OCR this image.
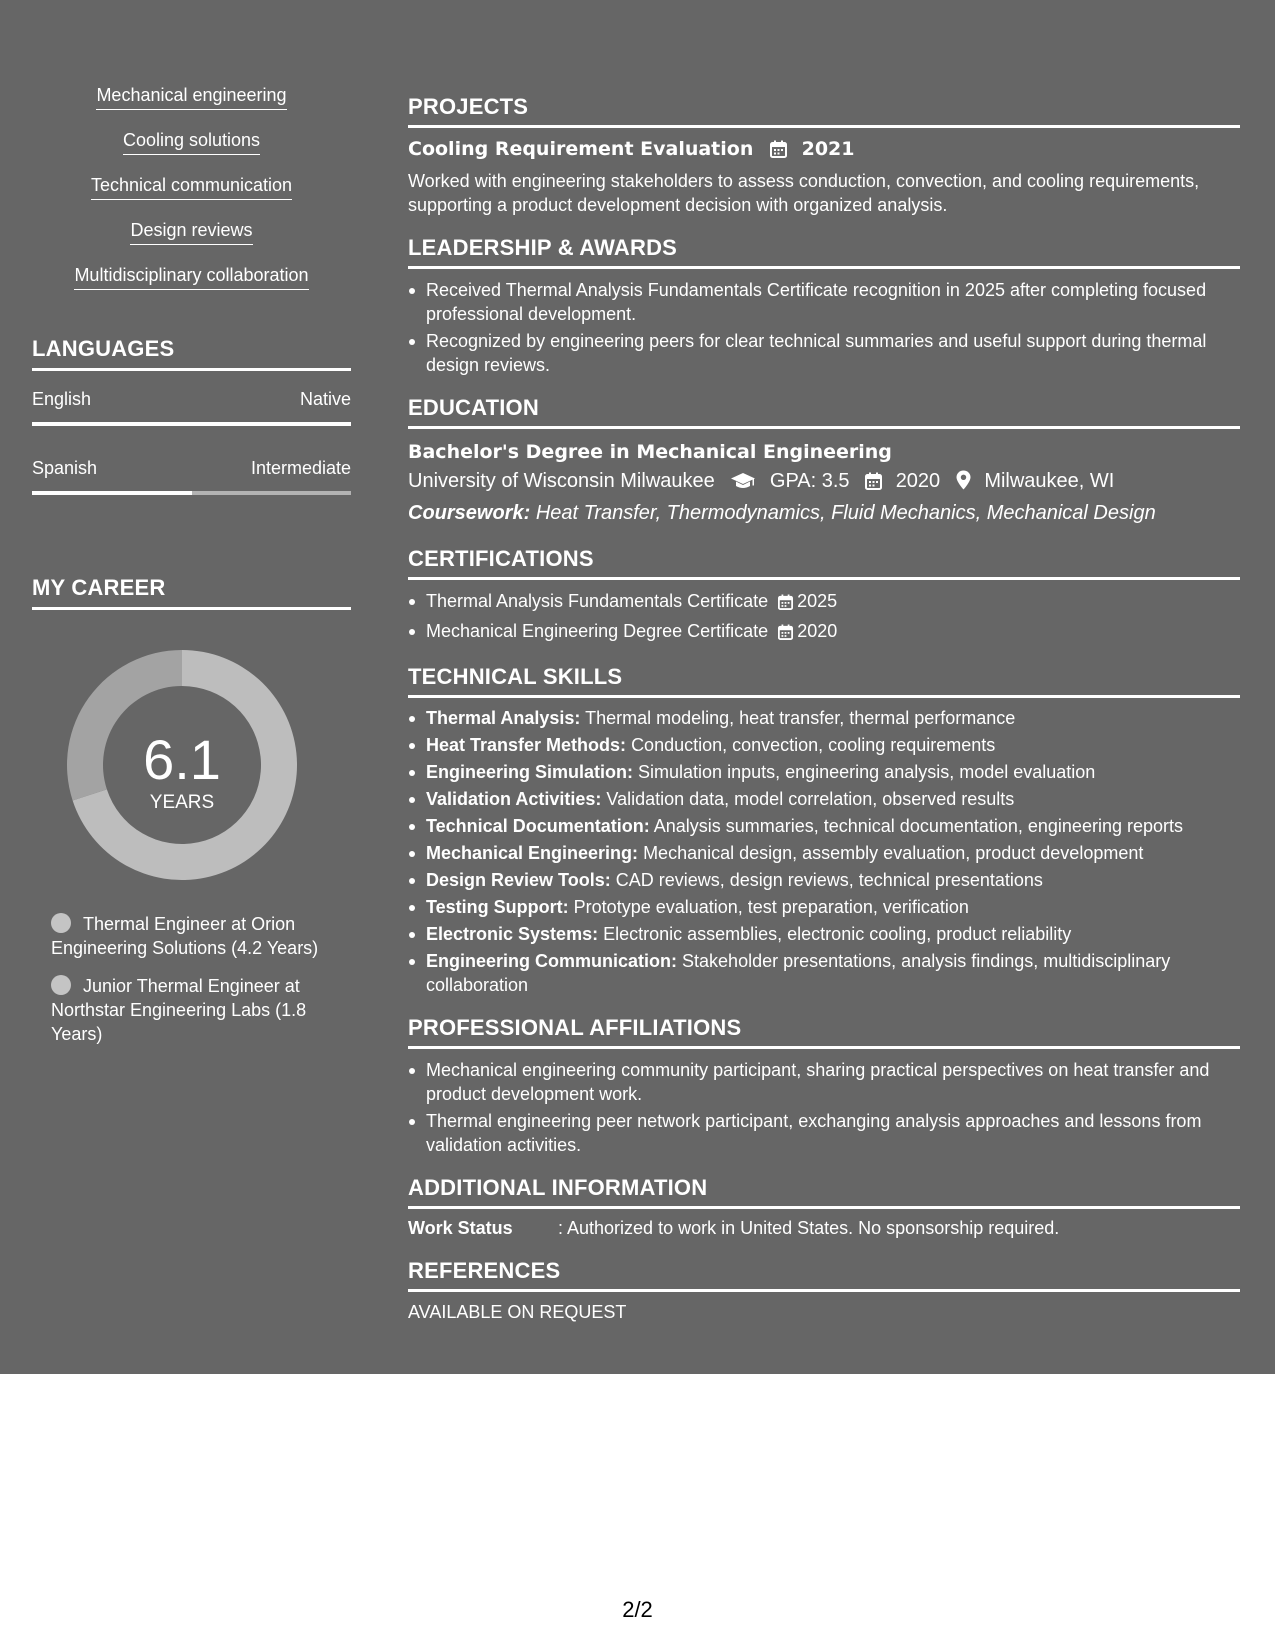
Mechanical engineering
Cooling solutions
Technical communication
Design reviews
Multidisciplinary collaboration
LANGUAGES
English	Native
Spanish	Intermediate
MY CAREER
6.1
YEARS
Thermal Engineer at Orion Engineering Solutions (4.2 Years)
Junior Thermal Engineer at Northstar Engineering Labs (1.8 Years)
PROJECTS
Cooling Requirement Evaluation	2021
Worked with engineering stakeholders to assess conduction, convection, and cooling requirements, supporting a product development decision with organized analysis.
LEADERSHIP & AWARDS
Received Thermal Analysis Fundamentals Certificate recognition in 2025 after completing focused professional development.
Recognized by engineering peers for clear technical summaries and useful support during thermal design reviews.
EDUCATION
Bachelor's Degree in Mechanical Engineering
University of Wisconsin Milwaukee	GPA: 3.5 2020 Milwaukee, WI
Coursework: Heat Transfer, Thermodynamics, Fluid Mechanics, Mechanical Design
CERTIFICATIONS
Thermal Analysis Fundamentals Certificate 2025
Mechanical Engineering Degree Certificate 2020
TECHNICAL SKILLS
Thermal Analysis: Thermal modeling, heat transfer, thermal performance
Heat Transfer Methods: Conduction, convection, cooling requirements
Engineering Simulation: Simulation inputs, engineering analysis, model evaluation
Validation Activities: Validation data, model correlation, observed results
Technical Documentation: Analysis summaries, technical documentation, engineering reports
Mechanical Engineering: Mechanical design, assembly evaluation, product development
Design Review Tools: CAD reviews, design reviews, technical presentations
Testing Support: Prototype evaluation, test preparation, verification
Electronic Systems: Electronic assemblies, electronic cooling, product reliability
Engineering Communication: Stakeholder presentations, analysis findings, multidisciplinary collaboration
PROFESSIONAL AFFILIATIONS
Mechanical engineering community participant, sharing practical perspectives on heat transfer and product development work.
Thermal engineering peer network participant, exchanging analysis approaches and lessons from validation activities.
ADDITIONAL INFORMATION
Work Status	: Authorized to work in United States. No sponsorship required.
REFERENCES
AVAILABLE ON REQUEST
2/2
